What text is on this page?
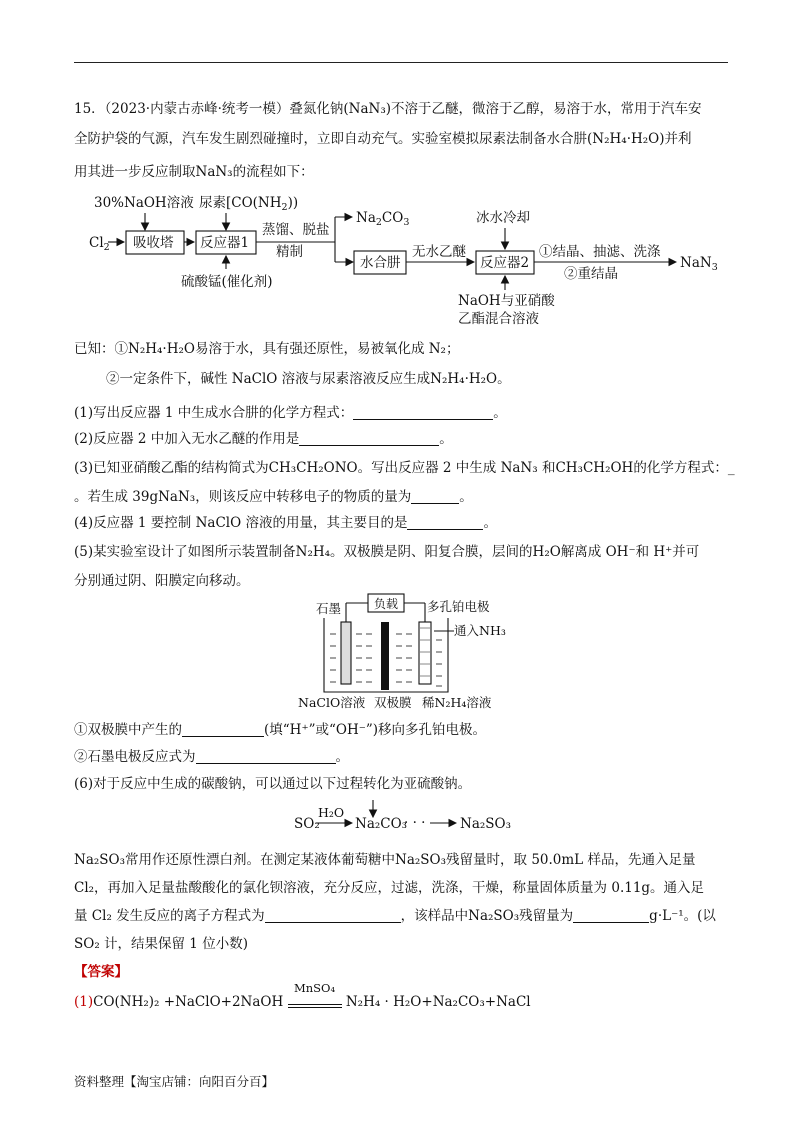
15．（2023·内蒙古赤峰·统考一模）叠氮化钠(NaN₃)不溶于乙醚，微溶于乙醇，易溶于水，常用于汽车安
全防护袋的气源，汽车发生剧烈碰撞时，立即自动充气。实验室模拟尿素法制备水合肼(N₂H₄·H₂O)并利
用其进一步反应制取NaN₃的流程如下：
30%NaOH溶液 尿素$[CO(NH_2))$
$Cl_2$ 吸收塔 反应器1
硫酸锰(催化剂)
蒸馏、脱盐
精制
$Na_2CO_3$
水合肼
无水乙醚
冰水冷却
反应器2
①结晶、抽滤、洗涤
②重结晶
NaN$_3$
NaOH与亚硝酸
乙酯混合溶液
已知：①N₂H₄·H₂O易溶于水，具有强还原性，易被氧化成 N₂；
②一定条件下，碱性 NaClO 溶液与尿素溶液反应生成N₂H₄·H₂O。
(1)写出反应器 1 中生成水合肼的化学方程式：	。
(2)反应器 2 中加入无水乙醚的作用是	。
(3)已知亚硝酸乙酯的结构简式为CH₃CH₂ONO。写出反应器 2 中生成 NaN₃ 和CH₃CH₂OH的化学方程式：_
。若生成 39gNaN₃，则该反应中转移电子的物质的量为	。
(4)反应器 1 要控制 NaClO 溶液的用量，其主要目的是	。
(5)某实验室设计了如图所示装置制备N₂H₄。双极膜是阴、阳复合膜，层间的H₂O解离成 OH⁻和 H⁺并可
分别通过阴、阳膜定向移动。
负载
石墨	多孔铂电极
通入NH₃
NaClO溶液 双极膜 稀N₂H₄溶液
①双极膜中产生的	(填“H⁺”或“OH⁻”)移向多孔铂电极。
②石墨电极反应式为	。
(6)对于反应中生成的碳酸钠，可以通过以下过程转化为亚硫酸钠。
H₂O
SO₂	Na₂CO₃
· · ·	Na₂SO₃
Na₂SO₃常用作还原性漂白剂。在测定某液体葡萄糖中Na₂SO₃残留量时，取 50.0mL 样品，先通入足量
Cl₂，再加入足量盐酸酸化的氯化钡溶液，充分反应，过滤，洗涤，干燥，称量固体质量为 0.11g。通入足
量 Cl₂ 发生反应的离子方程式为	，该样品中Na₂SO₃残留量为	g·L⁻¹。(以
SO₂ 计，结果保留 1 位小数)
【答案】
(1)CO(NH₂)₂ +NaClO+2NaOH
MnSO₄
N₂H₄ · H₂O+Na₂CO₃+NaCl
资料整理【淘宝店铺：向阳百分百】
